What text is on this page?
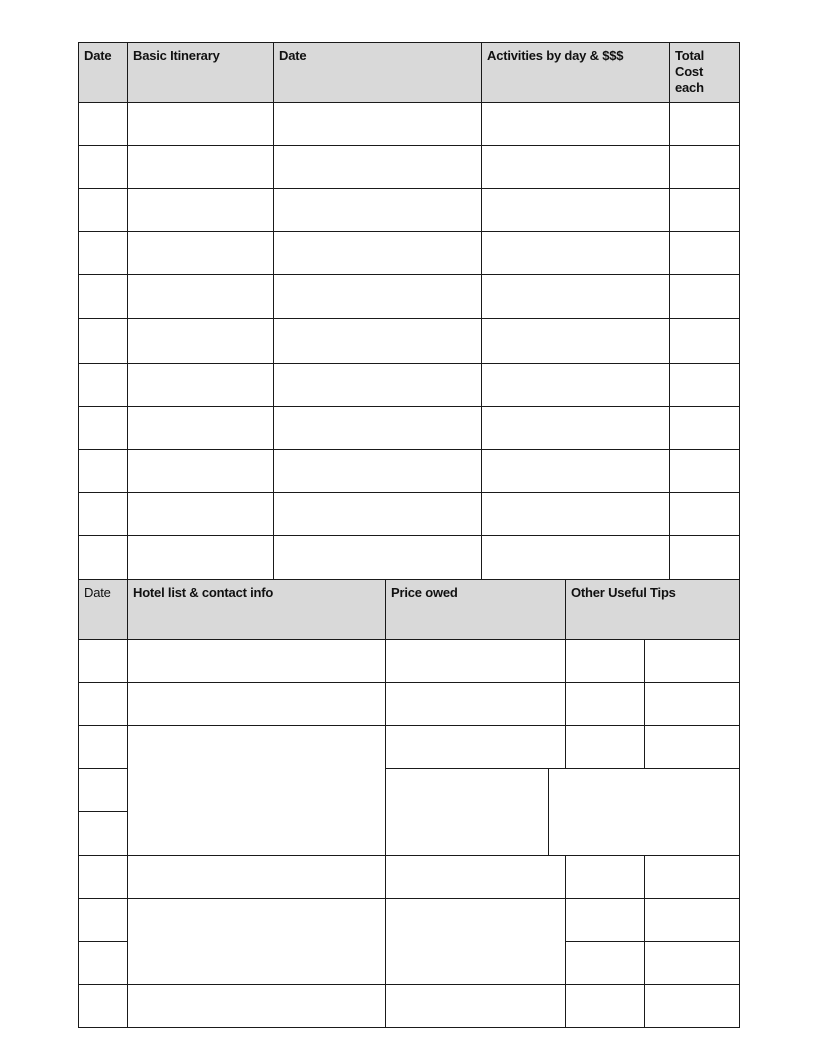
Date	Basic Itinerary	Date	Activities by day & $$$	Total Cost each
Date	Hotel list & contact info	Price owed	Other Useful Tips
